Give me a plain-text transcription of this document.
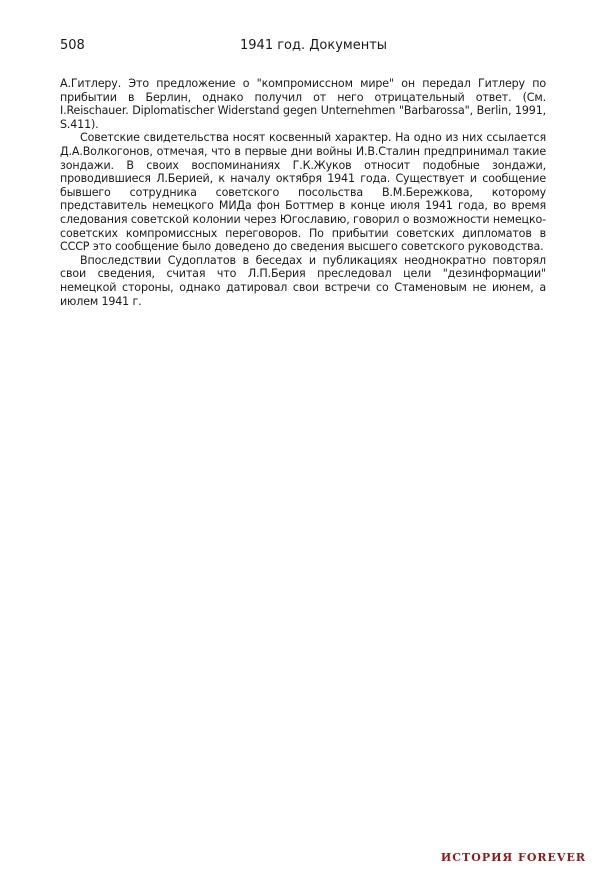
508	1941 год. Документы

А.Гитлеру. Это предложение о "компромиссном мире" он передал Гитлеру по прибытии в Берлин, однако получил от него отрицательный ответ. (См. I.Reischauer. Diplomatischer Widerstand gegen Unternehmen "Barbarossa", Berlin, 1991, S.411).

Советские свидетельства носят косвенный характер. На одно из них ссылается Д.А.Волкогонов, отмечая, что в первые дни войны И.В.Сталин предпринимал такие зондажи. В своих воспоминаниях Г.К.Жуков относит подобные зондажи, проводившиеся Л.Берией, к началу октября 1941 года. Существует и сообщение бывшего сотрудника советского посольства В.М.Бережкова, которому представитель немецкого МИДа фон Боттмер в конце июля 1941 года, во время следования советской колонии через Югославию, говорил о возможности немецко-советских компромиссных переговоров. По прибытии советских дипломатов в СССР это сообщение было доведено до сведения высшего советского руководства.

Впоследствии Судоплатов в беседах и публикациях неоднократно повторял свои сведения, считая что Л.П.Берия преследовал цели "дезинформации" немецкой стороны, однако датировал свои встречи со Стаменовым не июнем, а июлем 1941 г.

ИСТОРИЯ FOREVER
